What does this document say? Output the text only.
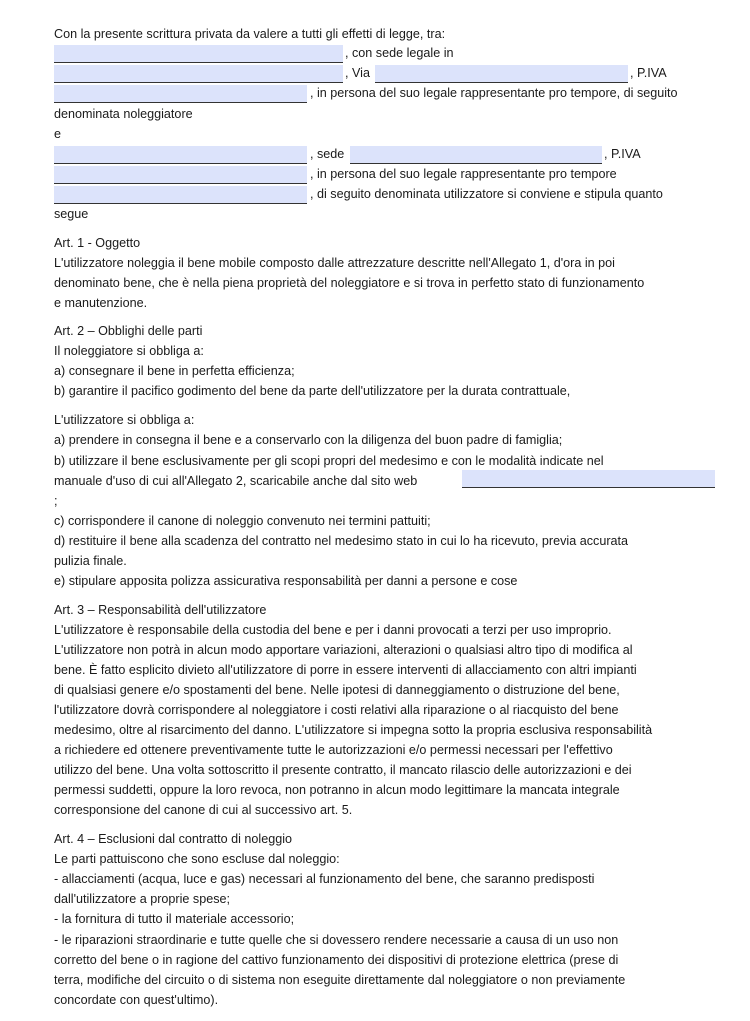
Con la presente scrittura privata da valere a tutti gli effetti di legge, tra:
, con sede legale in
, Via	, P.IVA
, in persona del suo legale rappresentante pro tempore, di seguito
denominata noleggiatore
e
, sede	, P.IVA
, in persona del suo legale rappresentante pro tempore
, di seguito denominata utilizzatore si conviene e stipula quanto
segue
Art. 1 - Oggetto
L'utilizzatore noleggia il bene mobile composto dalle attrezzature descritte nell'Allegato 1, d'ora in poi
denominato bene, che è nella piena proprietà del noleggiatore e si trova in perfetto stato di funzionamento
e manutenzione.
Art. 2 – Obblighi delle parti
Il noleggiatore si obbliga a:
a) consegnare il bene in perfetta efficienza;
b) garantire il pacifico godimento del bene da parte dell'utilizzatore per la durata contrattuale,
L'utilizzatore si obbliga a:
a) prendere in consegna il bene e a conservarlo con la diligenza del buon padre di famiglia;
b) utilizzare il bene esclusivamente per gli scopi propri del medesimo e con le modalità indicate nel
manuale d'uso di cui all'Allegato 2, scaricabile anche dal sito web
;
c) corrispondere il canone di noleggio convenuto nei termini pattuiti;
d) restituire il bene alla scadenza del contratto nel medesimo stato in cui lo ha ricevuto, previa accurata
pulizia finale.
e) stipulare apposita polizza assicurativa responsabilità per danni a persone e cose
Art. 3 – Responsabilità dell'utilizzatore
L'utilizzatore è responsabile della custodia del bene e per i danni provocati a terzi per uso improprio.
L'utilizzatore non potrà in alcun modo apportare variazioni, alterazioni o qualsiasi altro tipo di modifica al
bene. È fatto esplicito divieto all'utilizzatore di porre in essere interventi di allacciamento con altri impianti
di qualsiasi genere e/o spostamenti del bene. Nelle ipotesi di danneggiamento o distruzione del bene,
l'utilizzatore dovrà corrispondere al noleggiatore i costi relativi alla riparazione o al riacquisto del bene
medesimo, oltre al risarcimento del danno. L'utilizzatore si impegna sotto la propria esclusiva responsabilità
a richiedere ed ottenere preventivamente tutte le autorizzazioni e/o permessi necessari per l'effettivo
utilizzo del bene. Una volta sottoscritto il presente contratto, il mancato rilascio delle autorizzazioni e dei
permessi suddetti, oppure la loro revoca, non potranno in alcun modo legittimare la mancata integrale
corresponsione del canone di cui al successivo art. 5.
Art. 4 – Esclusioni dal contratto di noleggio
Le parti pattuiscono che sono escluse dal noleggio:
- allacciamenti (acqua, luce e gas) necessari al funzionamento del bene, che saranno predisposti
dall'utilizzatore a proprie spese;
- la fornitura di tutto il materiale accessorio;
- le riparazioni straordinarie e tutte quelle che si dovessero rendere necessarie a causa di un uso non
corretto del bene o in ragione del cattivo funzionamento dei dispositivi di protezione elettrica (prese di
terra, modifiche del circuito o di sistema non eseguite direttamente dal noleggiatore o non previamente
concordate con quest'ultimo).
